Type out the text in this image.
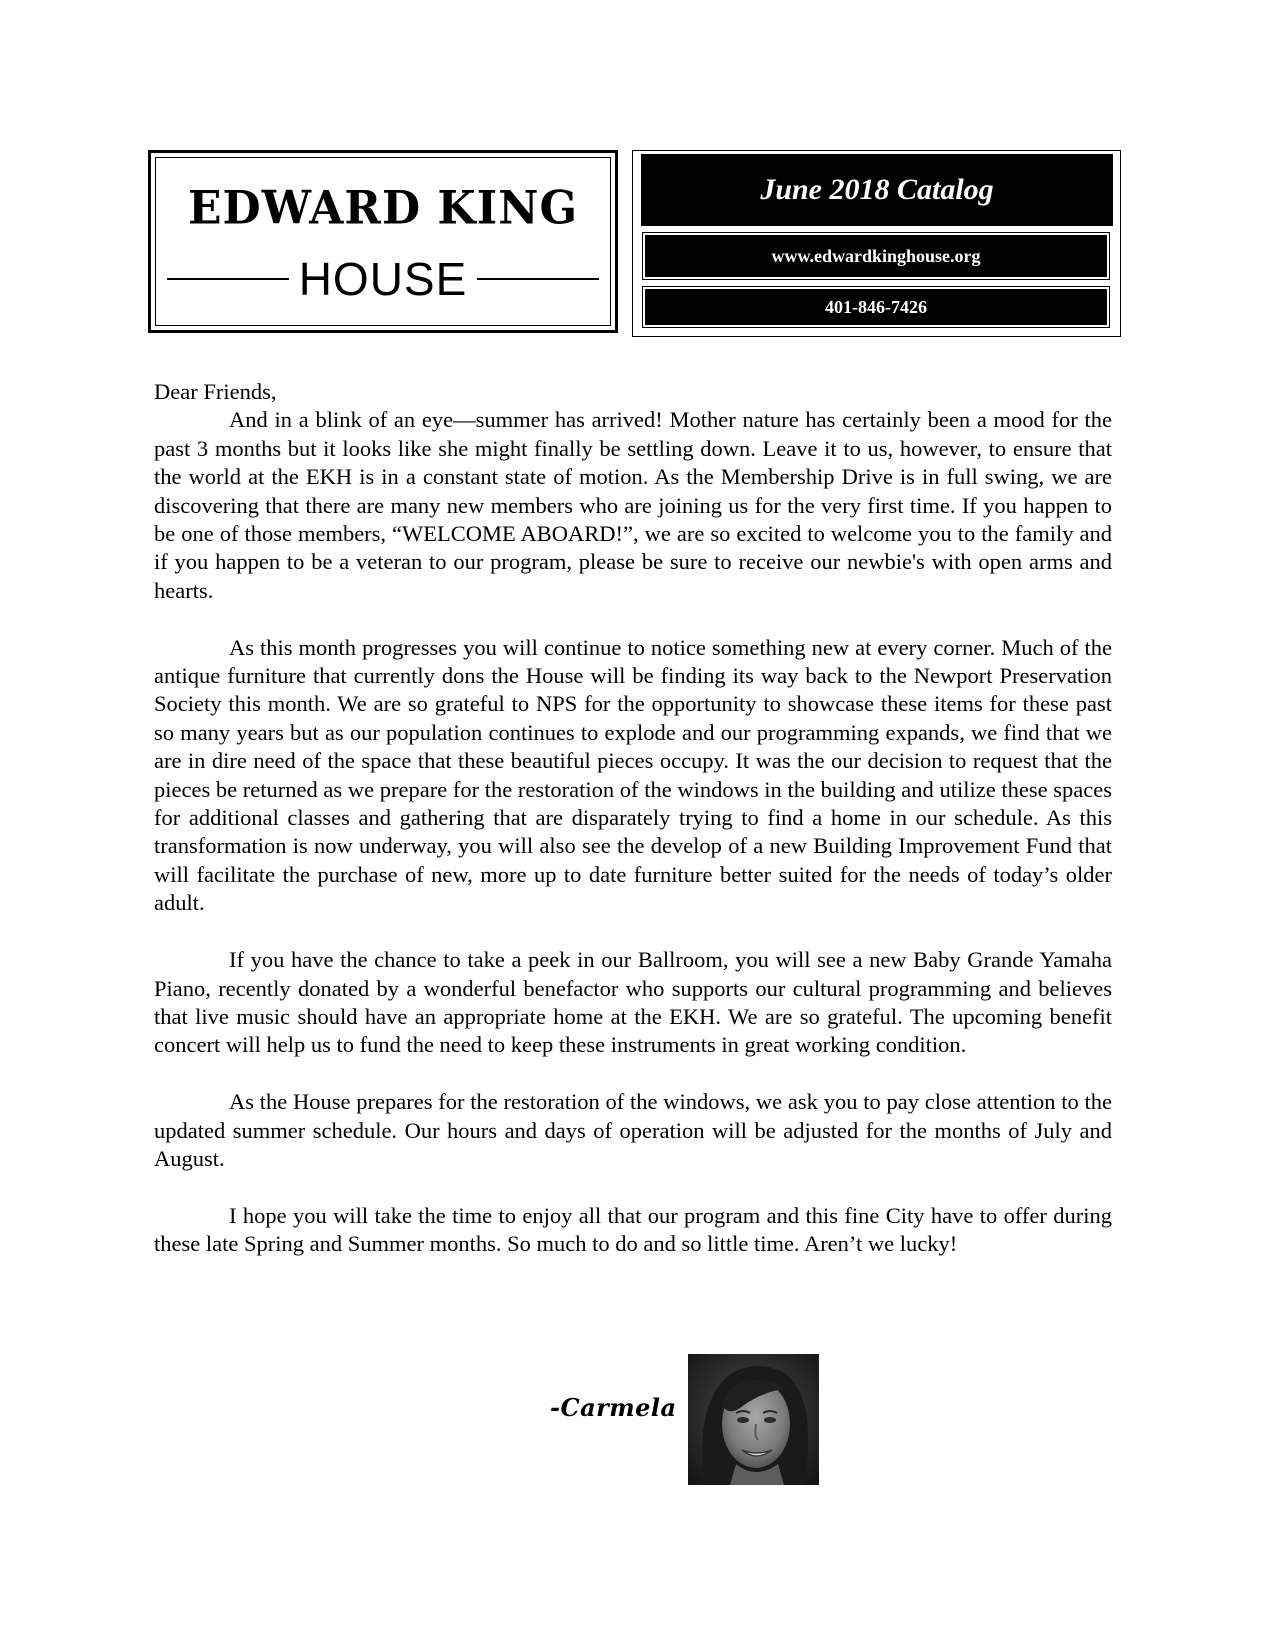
EDWARD KING
HOUSE
June 2018 Catalog
www.edwardkinghouse.org
401-846-7426

Dear Friends,

And in a blink of an eye—summer has arrived! Mother nature has certainly been a mood for the past 3 months but it looks like she might finally be settling down. Leave it to us, however, to ensure that the world at the EKH is in a constant state of motion. As the Membership Drive is in full swing, we are discovering that there are many new members who are joining us for the very first time. If you happen to be one of those members, “WELCOME ABOARD!”, we are so excited to welcome you to the family and if you happen to be a veteran to our program, please be sure to receive our newbie's with open arms and hearts.

As this month progresses you will continue to notice something new at every corner. Much of the antique furniture that currently dons the House will be finding its way back to the Newport Preservation Society this month. We are so grateful to NPS for the opportunity to showcase these items for these past so many years but as our population continues to explode and our programming expands, we find that we are in dire need of the space that these beautiful pieces occupy. It was the our decision to request that the pieces be returned as we prepare for the restoration of the windows in the building and utilize these spaces for additional classes and gathering that are disparately trying to find a home in our schedule. As this transformation is now underway, you will also see the develop of a new Building Improvement Fund that will facilitate the purchase of new, more up to date furniture better suited for the needs of today’s older adult.

If you have the chance to take a peek in our Ballroom, you will see a new Baby Grande Yamaha Piano, recently donated by a wonderful benefactor who supports our cultural programming and believes that live music should have an appropriate home at the EKH. We are so grateful. The upcoming benefit concert will help us to fund the need to keep these instruments in great working condition.

As the House prepares for the restoration of the windows, we ask you to pay close attention to the updated summer schedule. Our hours and days of operation will be adjusted for the months of July and August.

I hope you will take the time to enjoy all that our program and this fine City have to offer during these late Spring and Summer months. So much to do and so little time. Aren’t we lucky!

-Carmela
